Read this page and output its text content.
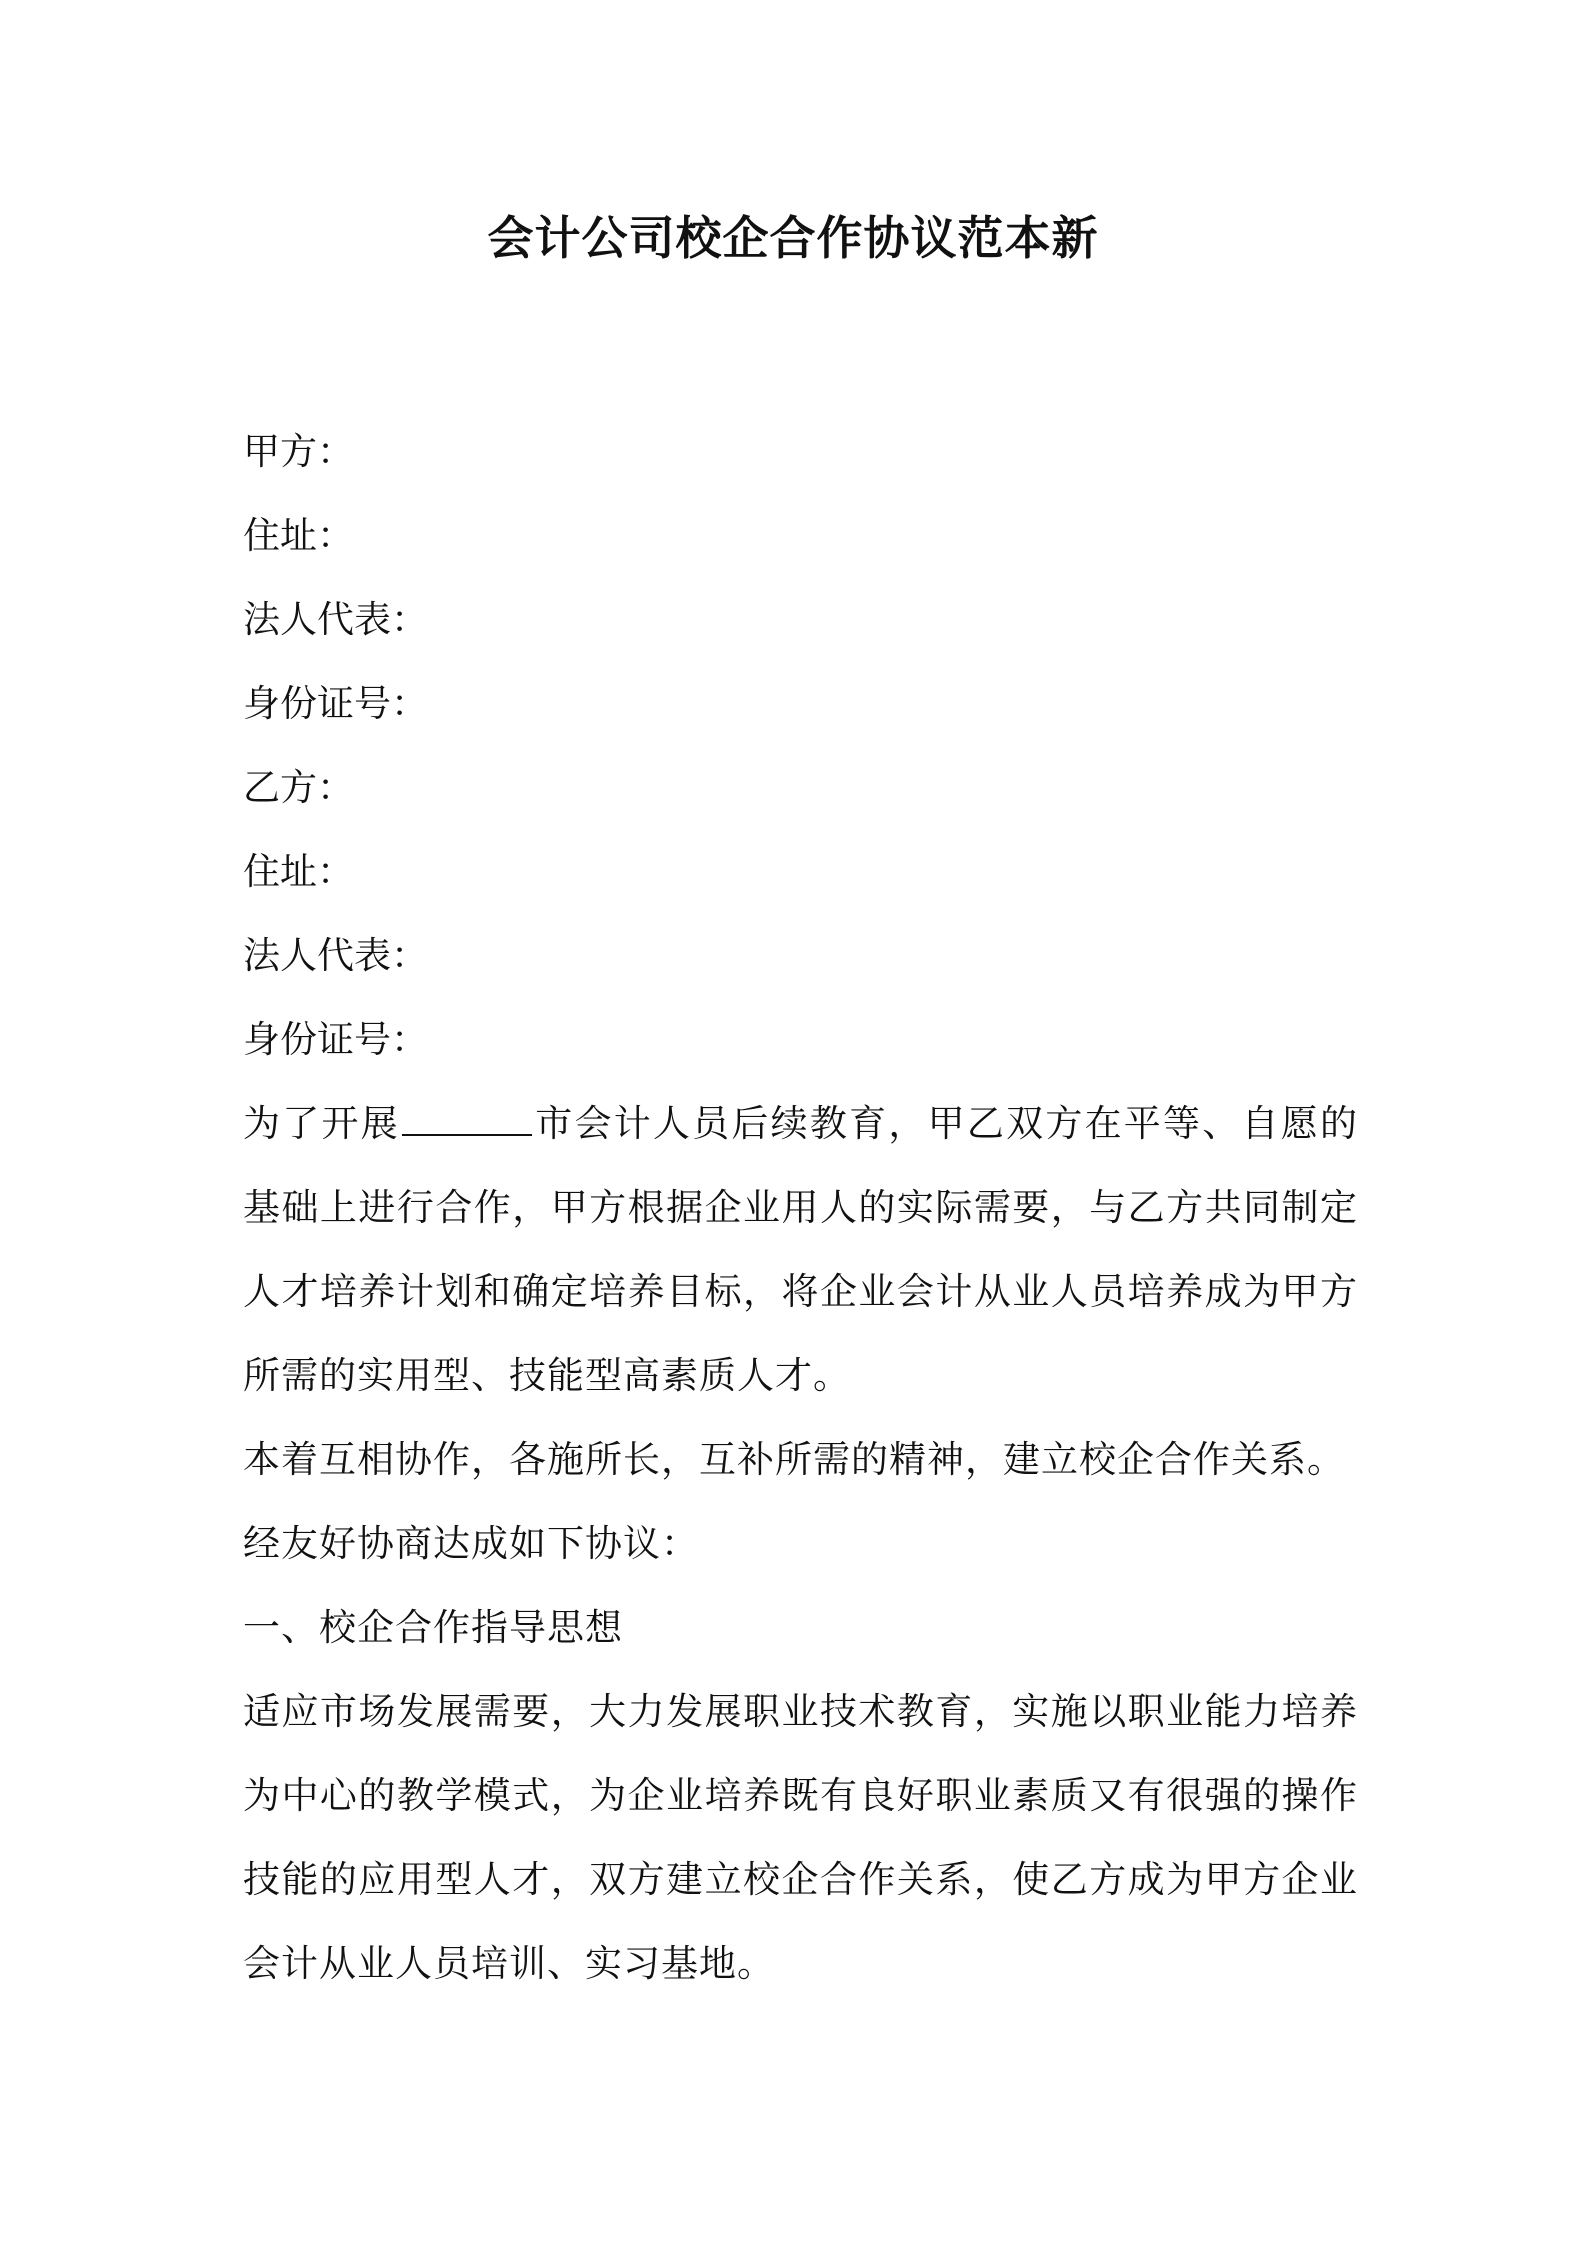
会计公司校企合作协议范本新

甲方：

住址：

法人代表：

身份证号：

乙方：

住址：

法人代表：

身份证号：

为了开展	市会计人员后续教育，甲乙双方在平等、自愿的基础上进行合作，甲方根据企业用人的实际需要，与乙方共同制定人才培养计划和确定培养目标，将企业会计从业人员培养成为甲方所需的实用型、技能型高素质人才。

本着互相协作，各施所长，互补所需的精神，建立校企合作关系。

经友好协商达成如下协议：

一、校企合作指导思想

适应市场发展需要，大力发展职业技术教育，实施以职业能力培养为中心的教学模式，为企业培养既有良好职业素质又有很强的操作技能的应用型人才，双方建立校企合作关系，使乙方成为甲方企业会计从业人员培训、实习基地。
